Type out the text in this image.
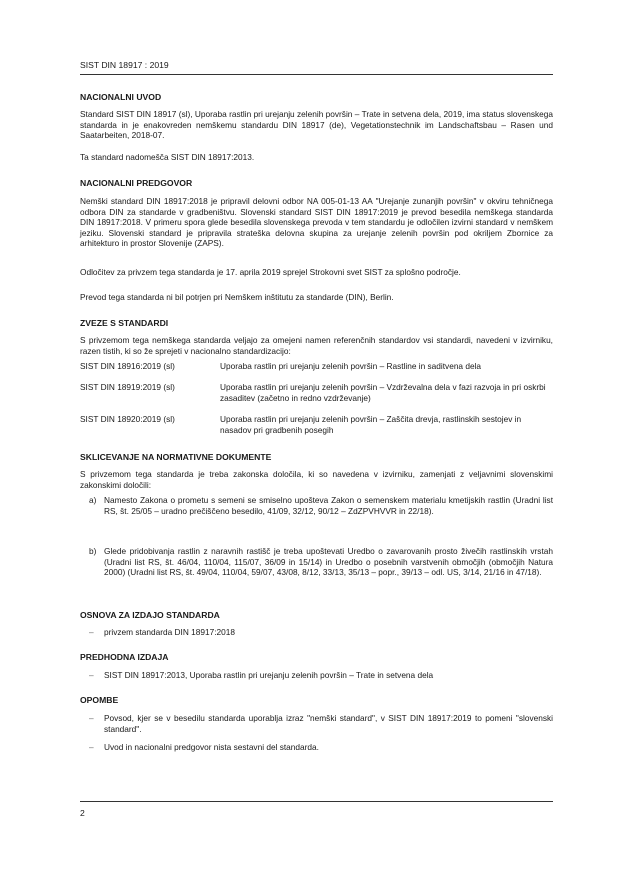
SIST DIN 18917 : 2019
NACIONALNI UVOD
Standard SIST DIN 18917 (sl), Uporaba rastlin pri urejanju zelenih površin – Trate in setvena dela, 2019, ima status slovenskega standarda in je enakovreden nemškemu standardu DIN 18917 (de), Vegetationstechnik im Landschaftsbau – Rasen und Saatarbeiten, 2018-07.
Ta standard nadomešča SIST DIN 18917:2013.
NACIONALNI PREDGOVOR
Nemški standard DIN 18917:2018 je pripravil delovni odbor NA 005-01-13 AA "Urejanje zunanjih površin" v okviru tehničnega odbora DIN za standarde v gradbeništvu. Slovenski standard SIST DIN 18917:2019 je prevod besedila nemškega standarda DIN 18917:2018. V primeru spora glede besedila slovenskega prevoda v tem standardu je odločilen izvirni standard v nemškem jeziku. Slovenski standard je pripravila strateška delovna skupina za urejanje zelenih površin pod okriljem Zbornice za arhitekturo in prostor Slovenije (ZAPS).
Odločitev za privzem tega standarda je 17. aprila 2019 sprejel Strokovni svet SIST za splošno področje.
Prevod tega standarda ni bil potrjen pri Nemškem inštitutu za standarde (DIN), Berlin.
ZVEZE S STANDARDI
S privzemom tega nemškega standarda veljajo za omejeni namen referenčnih standardov vsi standardi, navedeni v izvirniku, razen tistih, ki so že sprejeti v nacionalno standardizacijo:
SIST DIN 18916:2019 (sl)	Uporaba rastlin pri urejanju zelenih površin – Rastline in saditvena dela
SIST DIN 18919:2019 (sl)	Uporaba rastlin pri urejanju zelenih površin – Vzdrževalna dela v fazi razvoja in pri oskrbi zasaditev (začetno in redno vzdrževanje)
SIST DIN 18920:2019 (sl)	Uporaba rastlin pri urejanju zelenih površin – Zaščita drevja, rastlinskih sestojev in nasadov pri gradbenih posegih
SKLICEVANJE NA NORMATIVNE DOKUMENTE
S privzemom tega standarda je treba zakonska določila, ki so navedena v izvirniku, zamenjati z veljavnimi slovenskimi zakonskimi določili:
a) Namesto Zakona o prometu s semeni se smiselno upošteva Zakon o semenskem materialu kmetijskih rastlin (Uradni list RS, št. 25/05 – uradno prečiščeno besedilo, 41/09, 32/12, 90/12 – ZdZPVHVVR in 22/18).
b) Glede pridobivanja rastlin z naravnih rastišč je treba upoštevati Uredbo o zavarovanih prosto živečih rastlinskih vrstah (Uradni list RS, št. 46/04, 110/04, 115/07, 36/09 in 15/14) in Uredbo o posebnih varstvenih območjih (območjih Natura 2000) (Uradni list RS, št. 49/04, 110/04, 59/07, 43/08, 8/12, 33/13, 35/13 – popr., 39/13 – odl. US, 3/14, 21/16 in 47/18).
OSNOVA ZA IZDAJO STANDARDA
– privzem standarda DIN 18917:2018
PREDHODNA IZDAJA
– SIST DIN 18917:2013, Uporaba rastlin pri urejanju zelenih površin – Trate in setvena dela
OPOMBE
– Povsod, kjer se v besedilu standarda uporablja izraz "nemški standard", v SIST DIN 18917:2019 to pomeni "slovenski standard".
– Uvod in nacionalni predgovor nista sestavni del standarda.
2
